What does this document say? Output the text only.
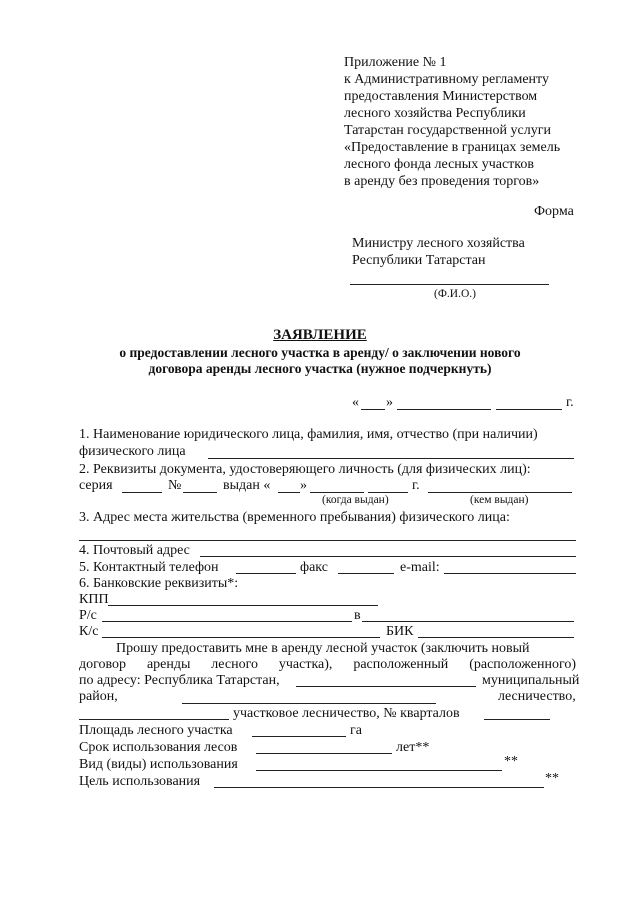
Приложение № 1
к Административному регламенту
предоставления Министерством
лесного хозяйства Республики
Татарстан государственной услуги
«Предоставление в границах земель
лесного фонда лесных участков
в аренду без проведения торгов»
Форма
Министру лесного хозяйства
Республики Татарстан
(Ф.И.О.)
ЗАЯВЛЕНИЕ
о предоставлении лесного участка в аренду/ о заключении нового
договора аренды лесного участка (нужное подчеркнуть)
« »	г.
1. Наименование юридического лица, фамилия, имя, отчество (при наличии)
физического лица
2. Реквизиты документа, удостоверяющего личность (для физических лиц):
серия	№	выдан « »	г.
(когда выдан)	(кем выдан)
3. Адрес места жительства (временного пребывания) физического лица:
4. Почтовый адрес
5. Контактный телефон	факс	e-mail:
6. Банковские реквизиты*:
КПП
Р/с	в
К/с	БИК
Прошу предоставить мне в аренду лесной участок (заключить новый
договор аренды лесного участка), расположенный (расположенного)
по адресу: Республика Татарстан,	муниципальный
район,	лесничество,
участковое лесничество, № кварталов
Площадь лесного участка	га
Срок использования лесов	лет**
Вид (виды) использования	**
Цель использования	**
